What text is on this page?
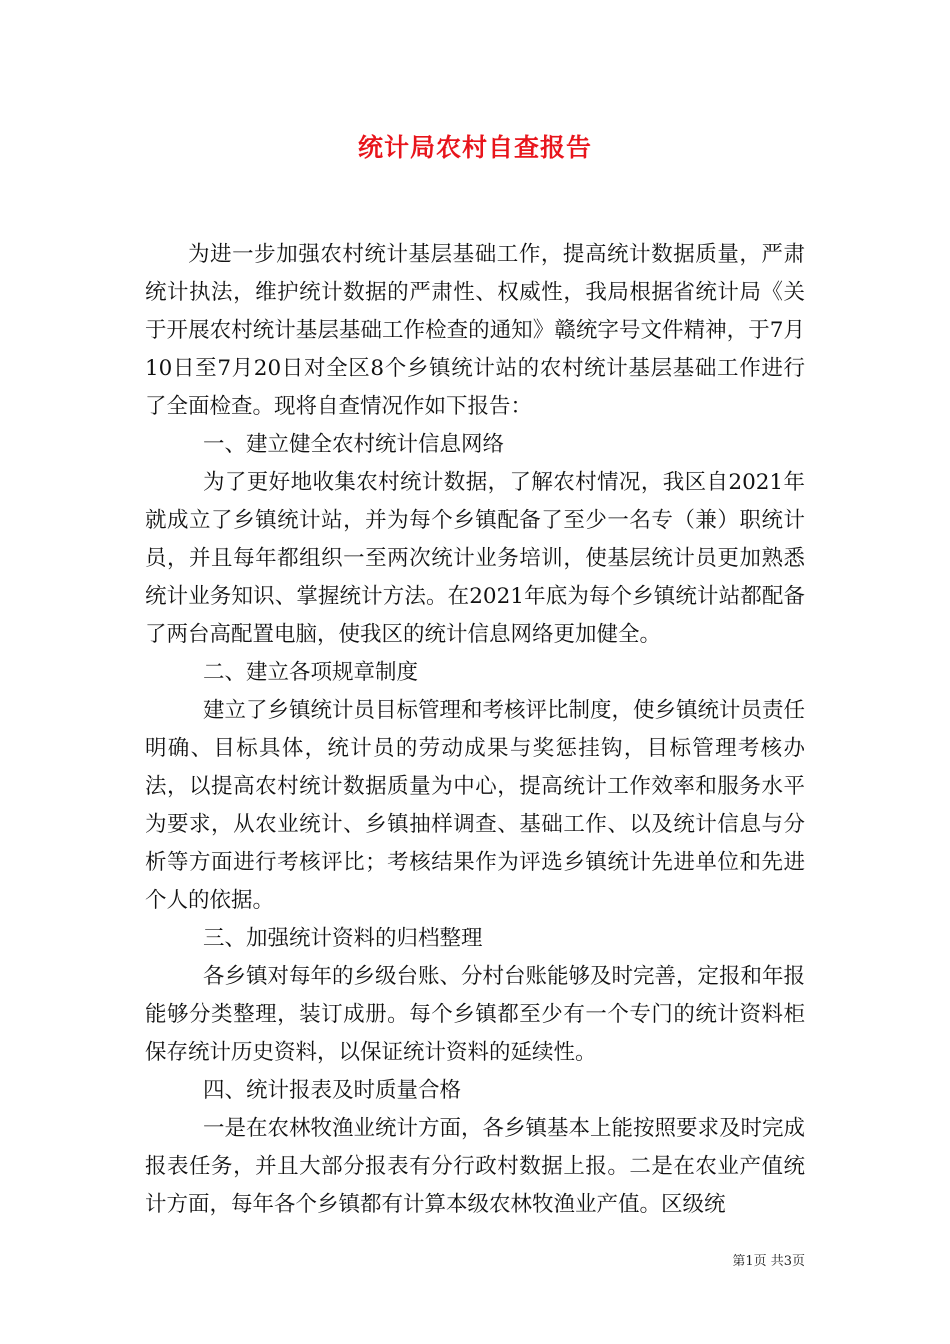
统计局农村自查报告

为进一步加强农村统计基层基础工作，提高统计数据质量，严肃统计执法，维护统计数据的严肃性、权威性，我局根据省统计局《关于开展农村统计基层基础工作检查的通知》赣统字号文件精神，于7月10日至7月20日对全区8个乡镇统计站的农村统计基层基础工作进行了全面检查。现将自查情况作如下报告：

一、建立健全农村统计信息网络

为了更好地收集农村统计数据，了解农村情况，我区自2021年就成立了乡镇统计站，并为每个乡镇配备了至少一名专（兼）职统计员，并且每年都组织一至两次统计业务培训，使基层统计员更加熟悉统计业务知识、掌握统计方法。在2021年底为每个乡镇统计站都配备了两台高配置电脑，使我区的统计信息网络更加健全。

二、建立各项规章制度

建立了乡镇统计员目标管理和考核评比制度，使乡镇统计员责任明确、目标具体，统计员的劳动成果与奖惩挂钩，目标管理考核办法，以提高农村统计数据质量为中心，提高统计工作效率和服务水平为要求，从农业统计、乡镇抽样调查、基础工作、以及统计信息与分析等方面进行考核评比；考核结果作为评选乡镇统计先进单位和先进个人的依据。

三、加强统计资料的归档整理

各乡镇对每年的乡级台账、分村台账能够及时完善，定报和年报能够分类整理，装订成册。每个乡镇都至少有一个专门的统计资料柜保存统计历史资料，以保证统计资料的延续性。

四、统计报表及时质量合格

一是在农林牧渔业统计方面，各乡镇基本上能按照要求及时完成报表任务，并且大部分报表有分行政村数据上报。二是在农业产值统计方面，每年各个乡镇都有计算本级农林牧渔业产值。区级统

第1页 共3页
